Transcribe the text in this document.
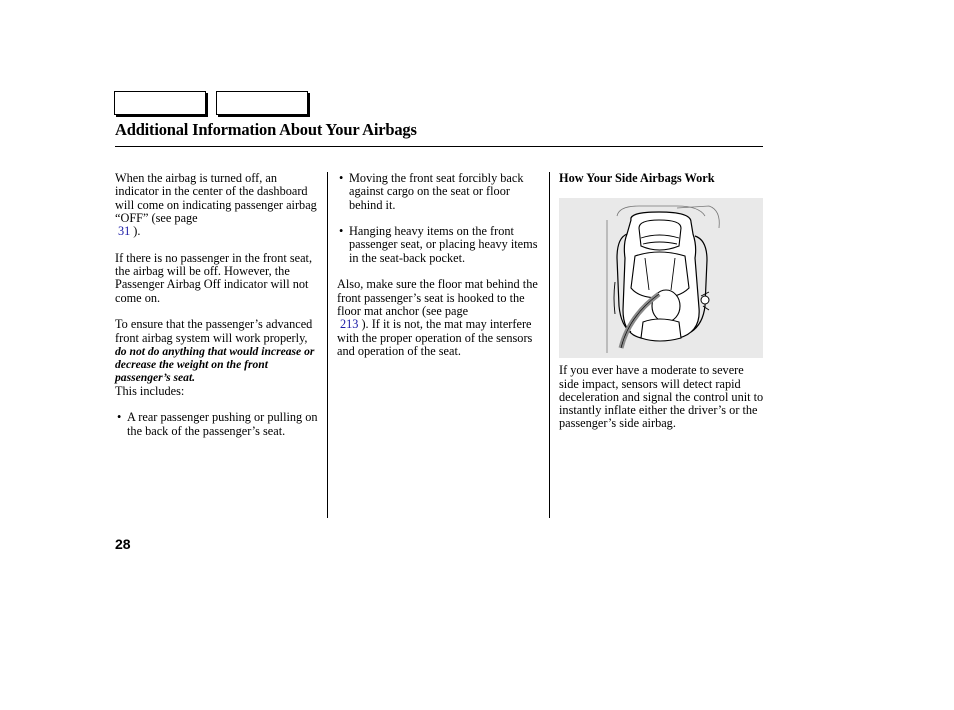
Additional Information About Your Airbags

When the airbag is turned off, an indicator in the center of the dashboard will come on indicating passenger airbag “OFF” (see page
31 ).

If there is no passenger in the front seat, the airbag will be off. However, the Passenger Airbag Off indicator will not come on.

To ensure that the passenger’s advanced front airbag system will work properly, do not do anything that would increase or decrease the weight on the front passenger’s seat.
This includes:

• A rear passenger pushing or pulling on the back of the passenger’s seat.
• Moving the front seat forcibly back against cargo on the seat or floor behind it.
• Hanging heavy items on the front passenger seat, or placing heavy items in the seat-back pocket.

Also, make sure the floor mat behind the front passenger’s seat is hooked to the floor mat anchor (see page
213 ). If it is not, the mat may interfere with the proper operation of the sensors and operation of the seat.

How Your Side Airbags Work

If you ever have a moderate to severe side impact, sensors will detect rapid deceleration and signal the control unit to instantly inflate either the driver’s or the passenger’s side airbag.

28
